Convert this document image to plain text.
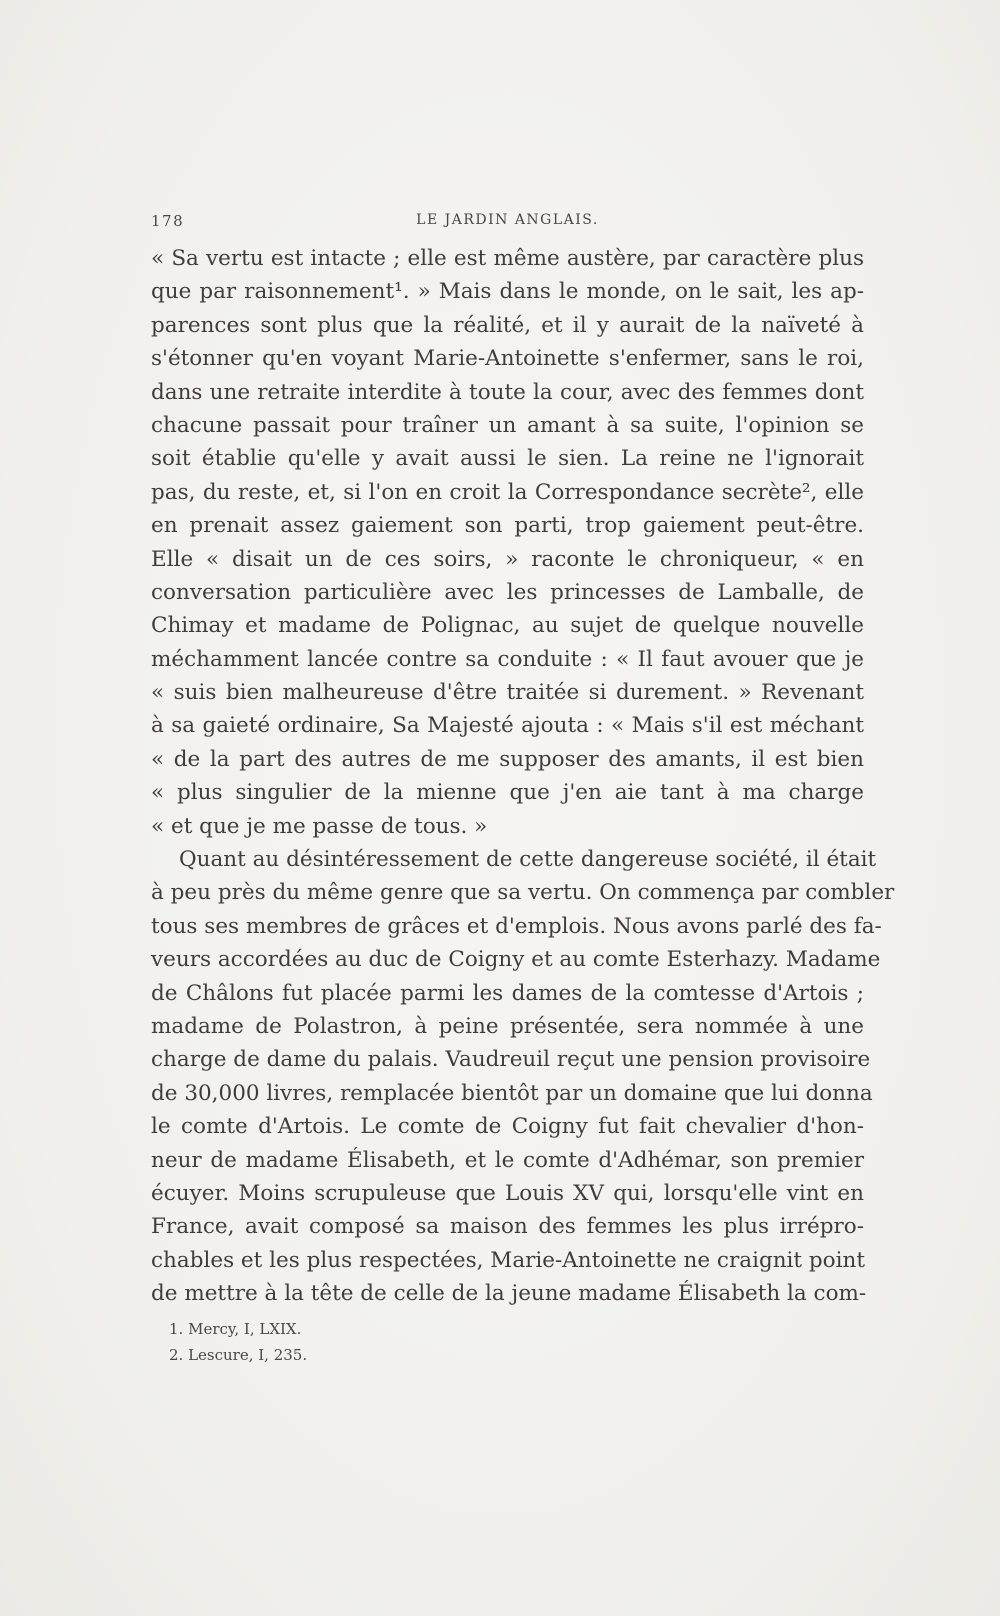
178	LE JARDIN ANGLAIS.
« Sa vertu est intacte ; elle est même austère, par caractère plus
que par raisonnement¹. » Mais dans le monde, on le sait, les ap-
parences sont plus que la réalité, et il y aurait de la naïveté à
s'étonner qu'en voyant Marie-Antoinette s'enfermer, sans le roi,
dans une retraite interdite à toute la cour, avec des femmes dont
chacune passait pour traîner un amant à sa suite, l'opinion se
soit établie qu'elle y avait aussi le sien. La reine ne l'ignorait
pas, du reste, et, si l'on en croit la Correspondance secrète², elle
en prenait assez gaiement son parti, trop gaiement peut-être.
Elle « disait un de ces soirs, » raconte le chroniqueur, « en
conversation particulière avec les princesses de Lamballe, de
Chimay et madame de Polignac, au sujet de quelque nouvelle
méchamment lancée contre sa conduite : « Il faut avouer que je
« suis bien malheureuse d'être traitée si durement. » Revenant
à sa gaieté ordinaire, Sa Majesté ajouta : « Mais s'il est méchant
« de la part des autres de me supposer des amants, il est bien
« plus singulier de la mienne que j'en aie tant à ma charge
« et que je me passe de tous. »
Quant au désintéressement de cette dangereuse société, il était
à peu près du même genre que sa vertu. On commença par combler
tous ses membres de grâces et d'emplois. Nous avons parlé des fa-
veurs accordées au duc de Coigny et au comte Esterhazy. Madame
de Châlons fut placée parmi les dames de la comtesse d'Artois ;
madame de Polastron, à peine présentée, sera nommée à une
charge de dame du palais. Vaudreuil reçut une pension provisoire
de 30,000 livres, remplacée bientôt par un domaine que lui donna
le comte d'Artois. Le comte de Coigny fut fait chevalier d'hon-
neur de madame Élisabeth, et le comte d'Adhémar, son premier
écuyer. Moins scrupuleuse que Louis XV qui, lorsqu'elle vint en
France, avait composé sa maison des femmes les plus irrépro-
chables et les plus respectées, Marie-Antoinette ne craignit point
de mettre à la tête de celle de la jeune madame Élisabeth la com-
1. Mercy, I, LXIX.
2. Lescure, I, 235.
